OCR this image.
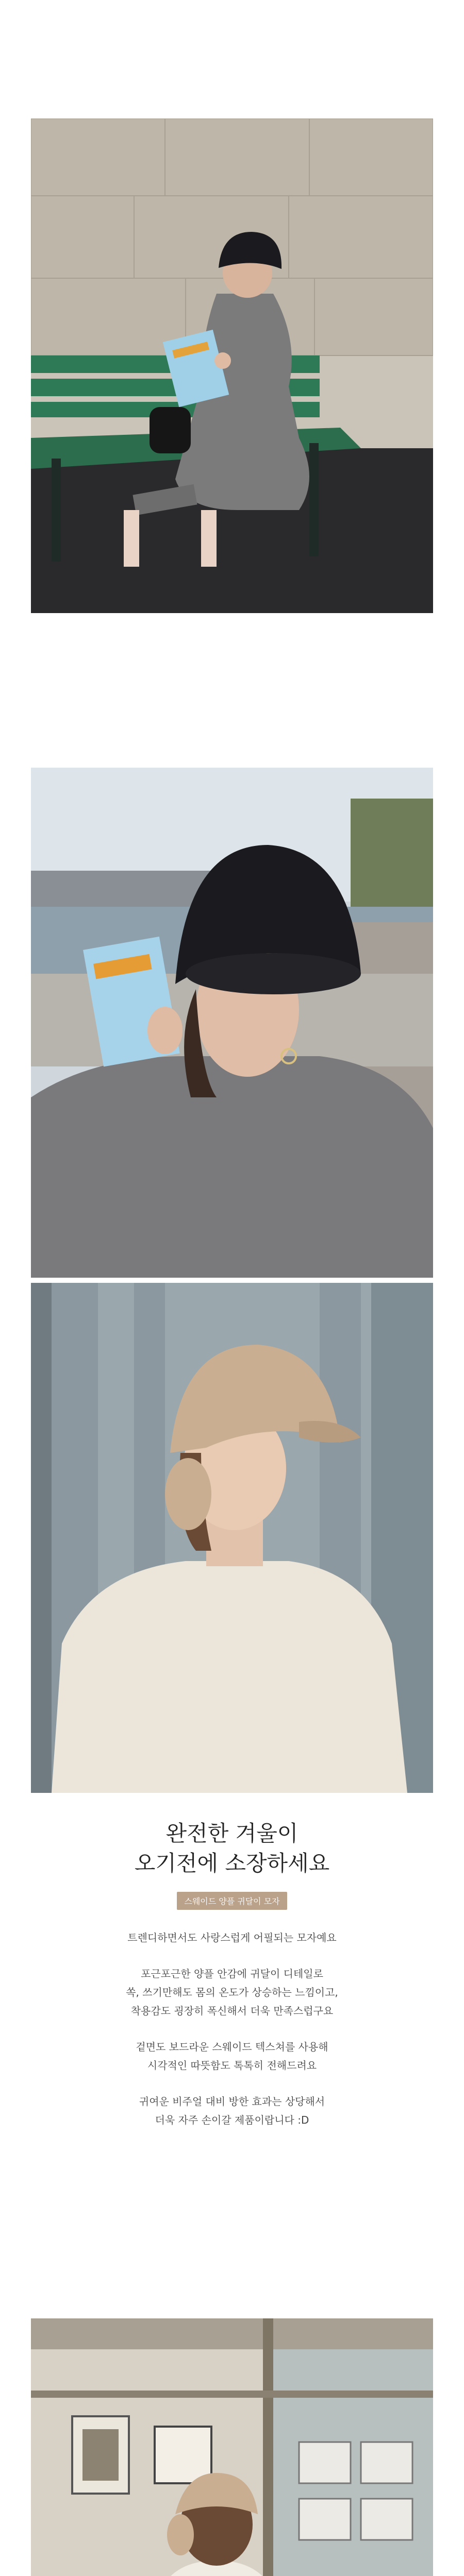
완전한 겨울이
오기전에 소장하세요
스웨이드 양플 귀달이 모자

트렌디하면서도 사랑스럽게 어필되는 모자예요

포근포근한 양플 안감에 귀달이 디테일로
쏙, 쓰기만해도 몸의 온도가 상승하는 느낌이고,
착용감도 굉장히 폭신해서 더욱 만족스럽구요

겉면도 보드라운 스웨이드 텍스쳐를 사용해
시각적인 따뜻함도 톡톡히 전해드려요

귀여운 비주얼 대비 방한 효과는 상당해서
더욱 자주 손이갈 제품이랍니다 :D
